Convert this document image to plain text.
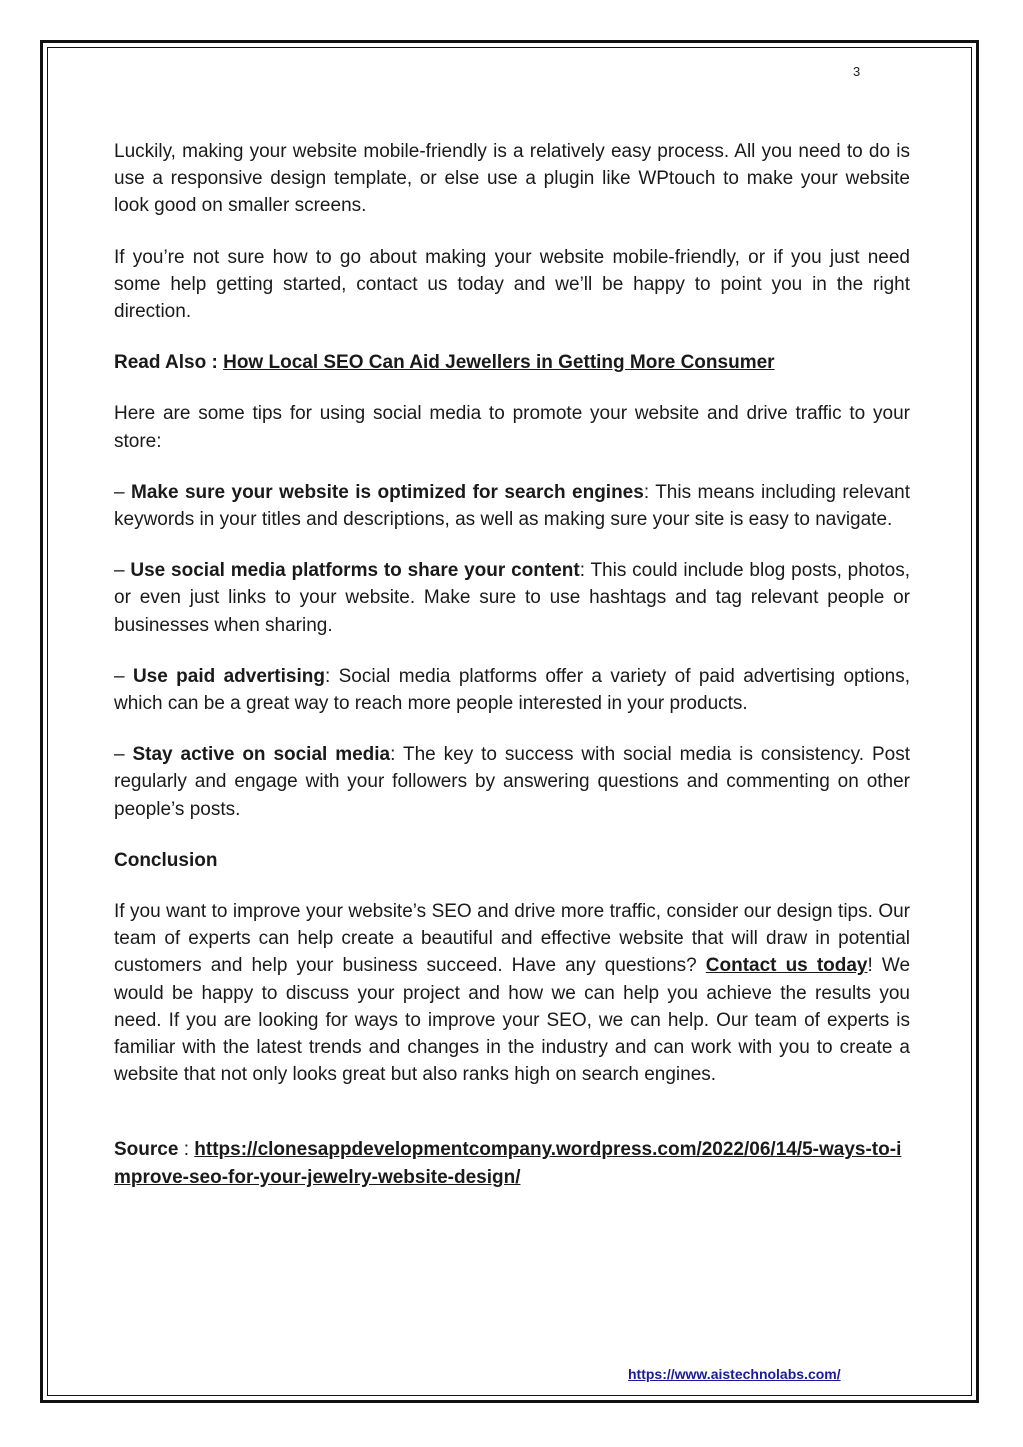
3

Luckily, making your website mobile-friendly is a relatively easy process. All you need to do is use a responsive design template, or else use a plugin like WPtouch to make your website look good on smaller screens.

If you’re not sure how to go about making your website mobile-friendly, or if you just need some help getting started, contact us today and we’ll be happy to point you in the right direction.

Read Also : How Local SEO Can Aid Jewellers in Getting More Consumer

Here are some tips for using social media to promote your website and drive traffic to your store:

– Make sure your website is optimized for search engines: This means including relevant keywords in your titles and descriptions, as well as making sure your site is easy to navigate.

– Use social media platforms to share your content: This could include blog posts, photos, or even just links to your website. Make sure to use hashtags and tag relevant people or businesses when sharing.

– Use paid advertising: Social media platforms offer a variety of paid advertising options, which can be a great way to reach more people interested in your products.

– Stay active on social media: The key to success with social media is consistency. Post regularly and engage with your followers by answering questions and commenting on other people’s posts.

Conclusion

If you want to improve your website’s SEO and drive more traffic, consider our design tips. Our team of experts can help create a beautiful and effective website that will draw in potential customers and help your business succeed. Have any questions? Contact us today! We would be happy to discuss your project and how we can help you achieve the results you need. If you are looking for ways to improve your SEO, we can help. Our team of experts is familiar with the latest trends and changes in the industry and can work with you to create a website that not only looks great but also ranks high on search engines.

Source : https://clonesappdevelopmentcompany.wordpress.com/2022/06/14/5-ways-to-improve-seo-for-your-jewelry-website-design/

https://www.aistechnolabs.com/
